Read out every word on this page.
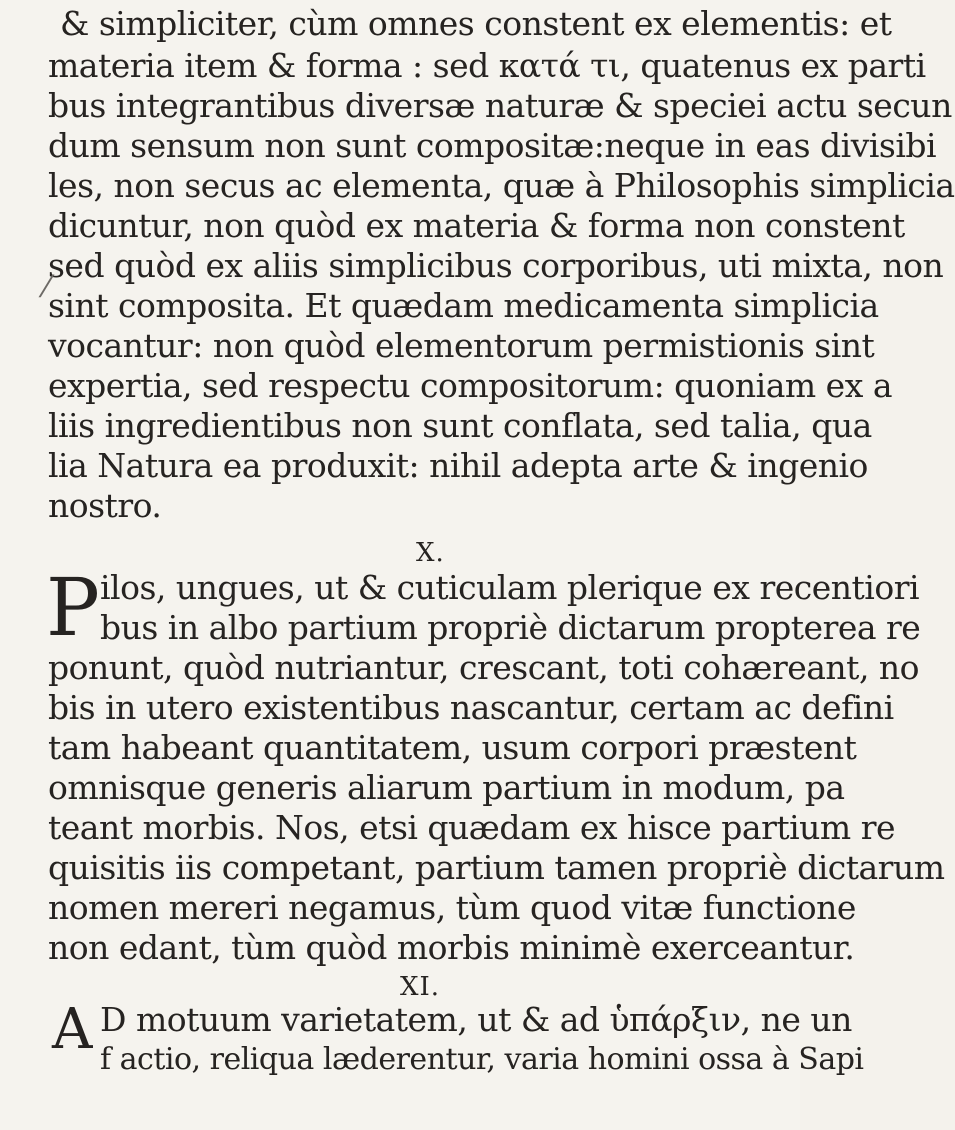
& simpliciter, cùm omnes constent ex elementis: et
materia item & forma : sed κατά τι, quatenus ex parti
bus integrantibus diversæ naturæ & speciei actu secun
dum sensum non sunt compositæ:neque in eas divisibi
les, non secus ac elementa, quæ à Philosophis simplicia
dicuntur, non quòd ex materia & forma non constent
sed quòd ex aliis simplicibus corporibus, uti mixta, non
sint composita. Et quædam medicamenta simplicia
vocantur: non quòd elementorum permistionis sint
expertia, sed respectu compositorum: quoniam ex a
liis ingredientibus non sunt conflata, sed talia, qua
lia Natura ea produxit: nihil adepta arte & ingenio
nostro.
⁄
X.
P ilos, ungues, ut & cuticulam plerique ex recentiori
bus in albo partium propriè dictarum propterea re
ponunt, quòd nutriantur, crescant, toti cohæreant, no
bis in utero existentibus nascantur, certam ac defini
tam habeant quantitatem, usum corpori præstent
omnisque generis aliarum partium in modum, pa
teant morbis. Nos, etsi quædam ex hisce partium re
quisitis iis competant, partium tamen propriè dictarum
nomen mereri negamus, tùm quod vitæ functione
non edant, tùm quòd morbis minimè exerceantur.
XI.
A D motuum varietatem, ut & ad ὑπάρξιν, ne un
f actio, reliqua læderentur, varia homini ossa à Sapi
